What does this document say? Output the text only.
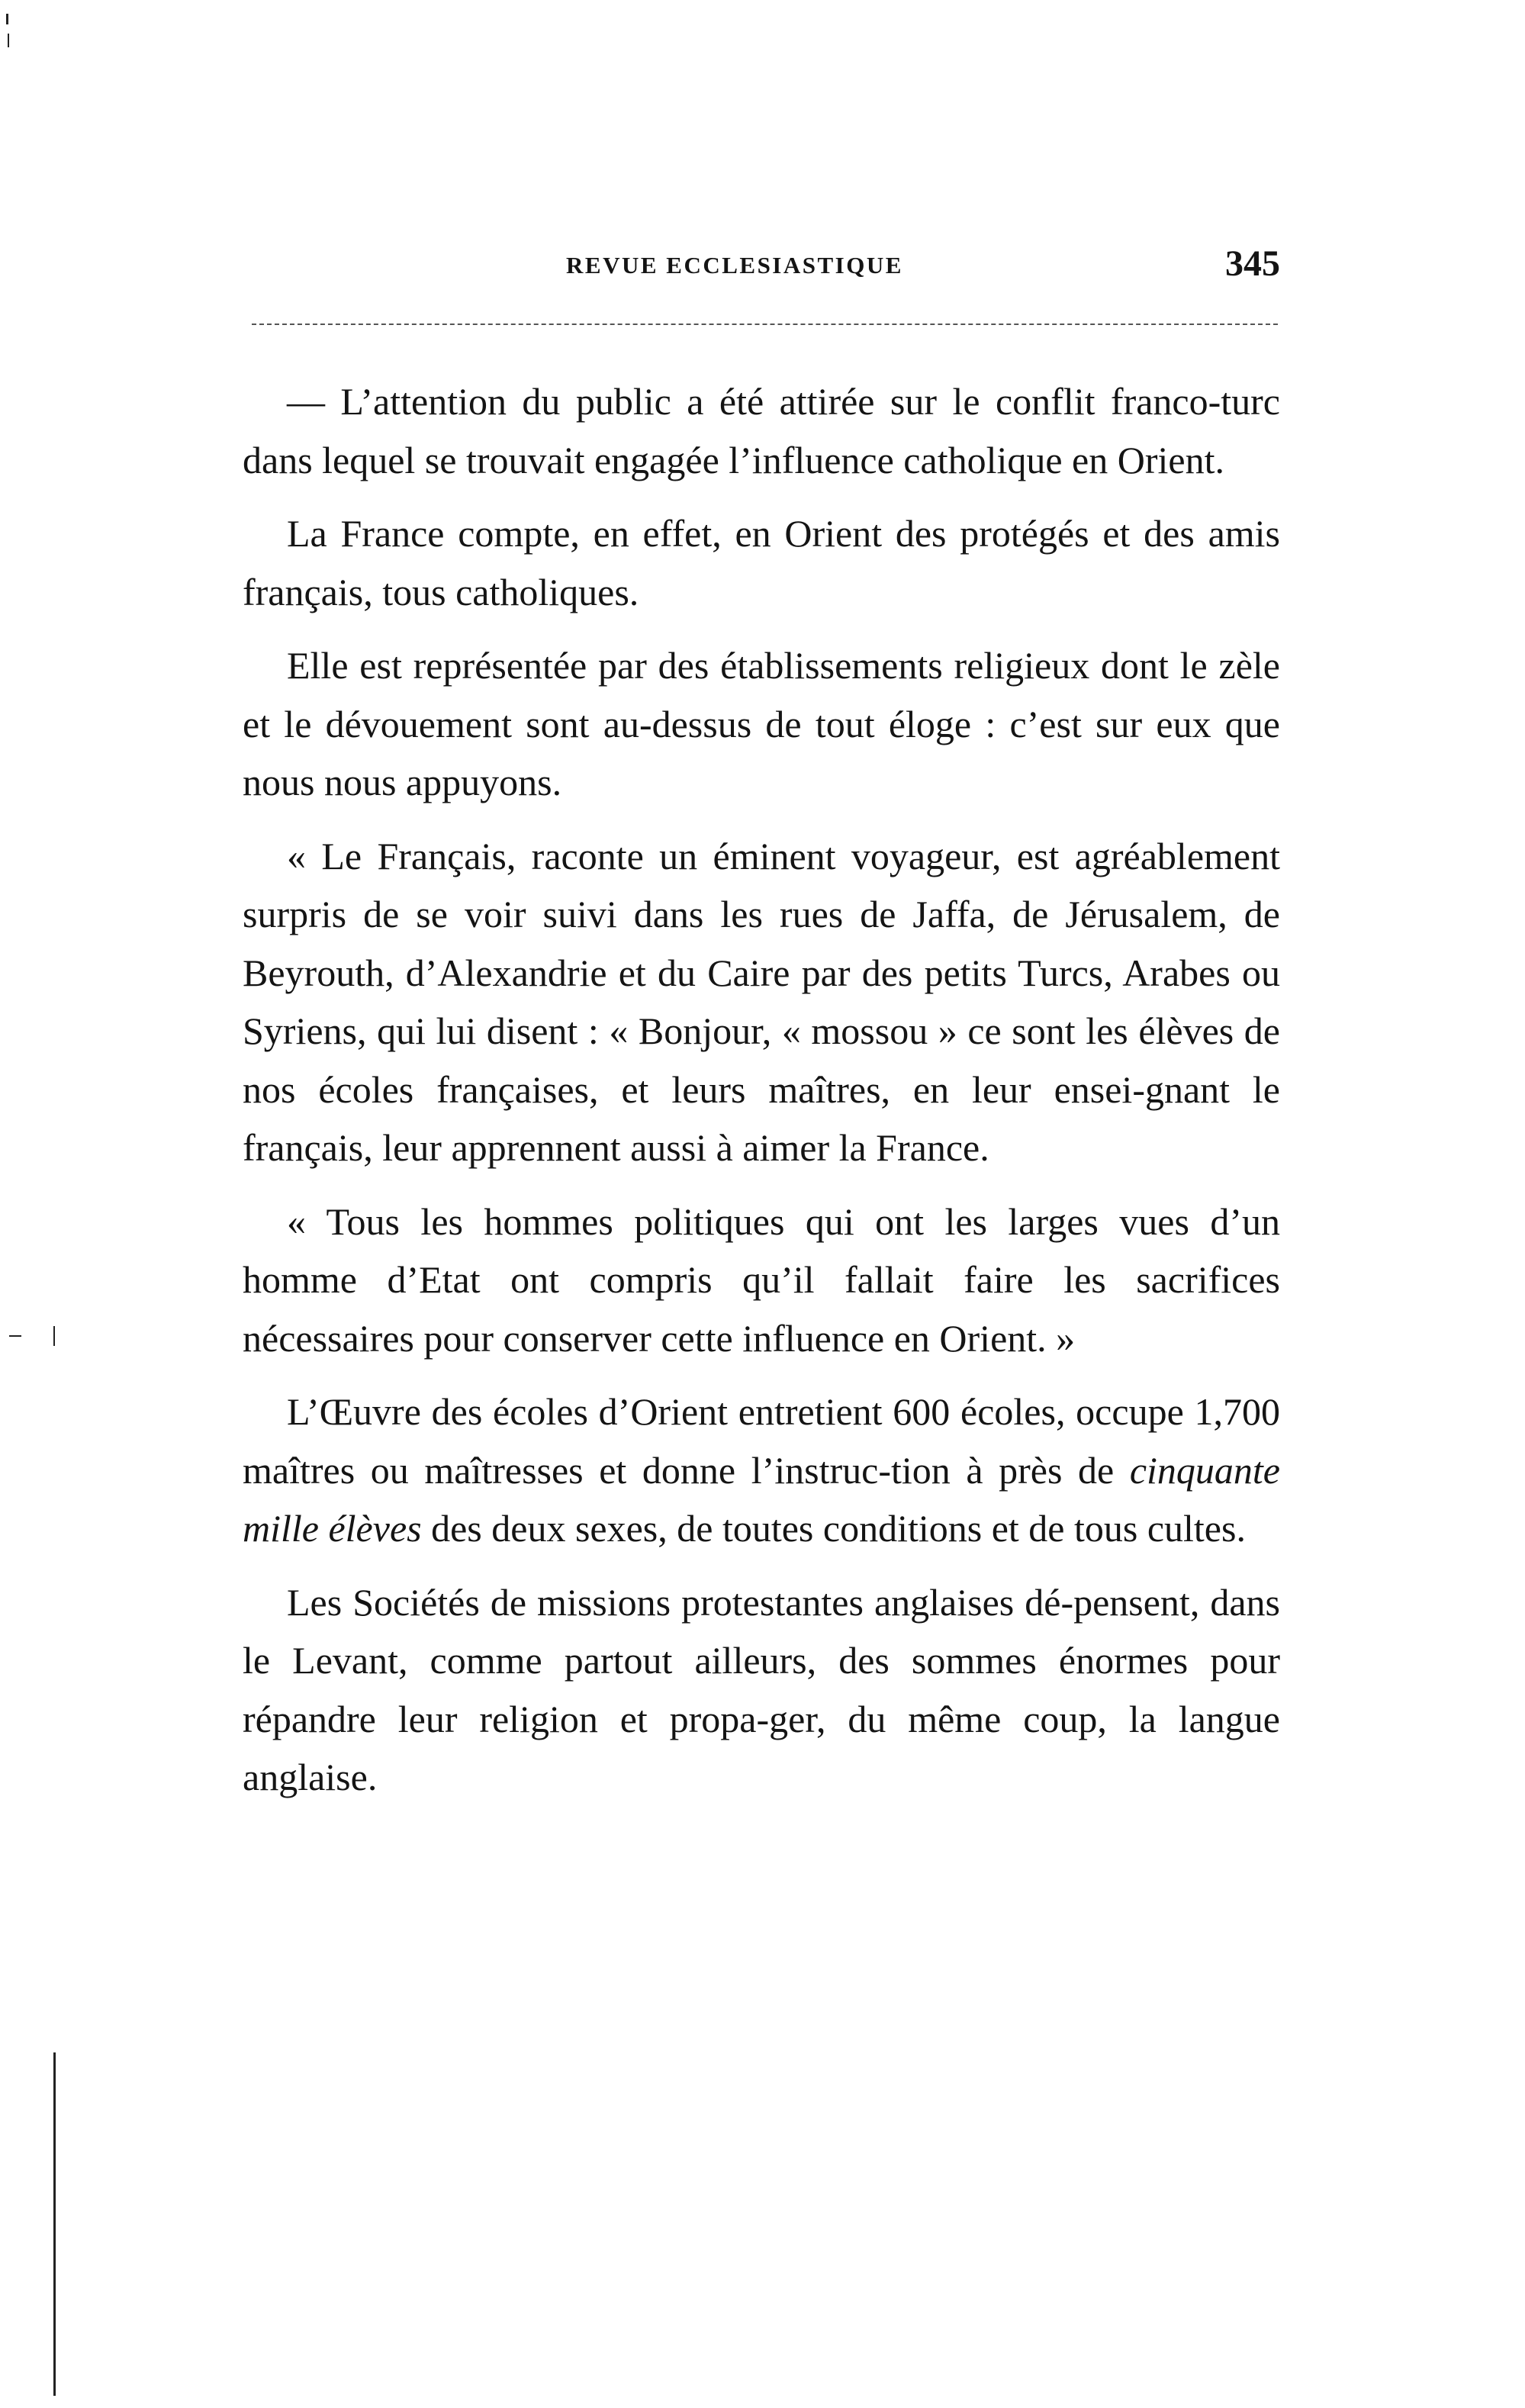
REVUE ECCLESIASTIQUE	345

— L’attention du public a été attirée sur le conflit franco-turc dans lequel se trouvait engagée l’influence catholique en Orient.

La France compte, en effet, en Orient des protégés et des amis français, tous catholiques.

Elle est représentée par des établissements religieux dont le zèle et le dévouement sont au-dessus de tout éloge : c’est sur eux que nous nous appuyons.

« Le Français, raconte un éminent voyageur, est agréablement surpris de se voir suivi dans les rues de Jaffa, de Jérusalem, de Beyrouth, d’Alexandrie et du Caire par des petits Turcs, Arabes ou Syriens, qui lui disent : « Bonjour, « mossou » ce sont les élèves de nos écoles françaises, et leurs maîtres, en leur ensei-gnant le français, leur apprennent aussi à aimer la France.

« Tous les hommes politiques qui ont les larges vues d’un homme d’Etat ont compris qu’il fallait faire les sacrifices nécessaires pour conserver cette influence en Orient. »

L’Œuvre des écoles d’Orient entretient 600 écoles, occupe 1,700 maîtres ou maîtresses et donne l’instruc-tion à près de cinquante mille élèves des deux sexes, de toutes conditions et de tous cultes.

Les Sociétés de missions protestantes anglaises dé-pensent, dans le Levant, comme partout ailleurs, des sommes énormes pour répandre leur religion et propa-ger, du même coup, la langue anglaise.
